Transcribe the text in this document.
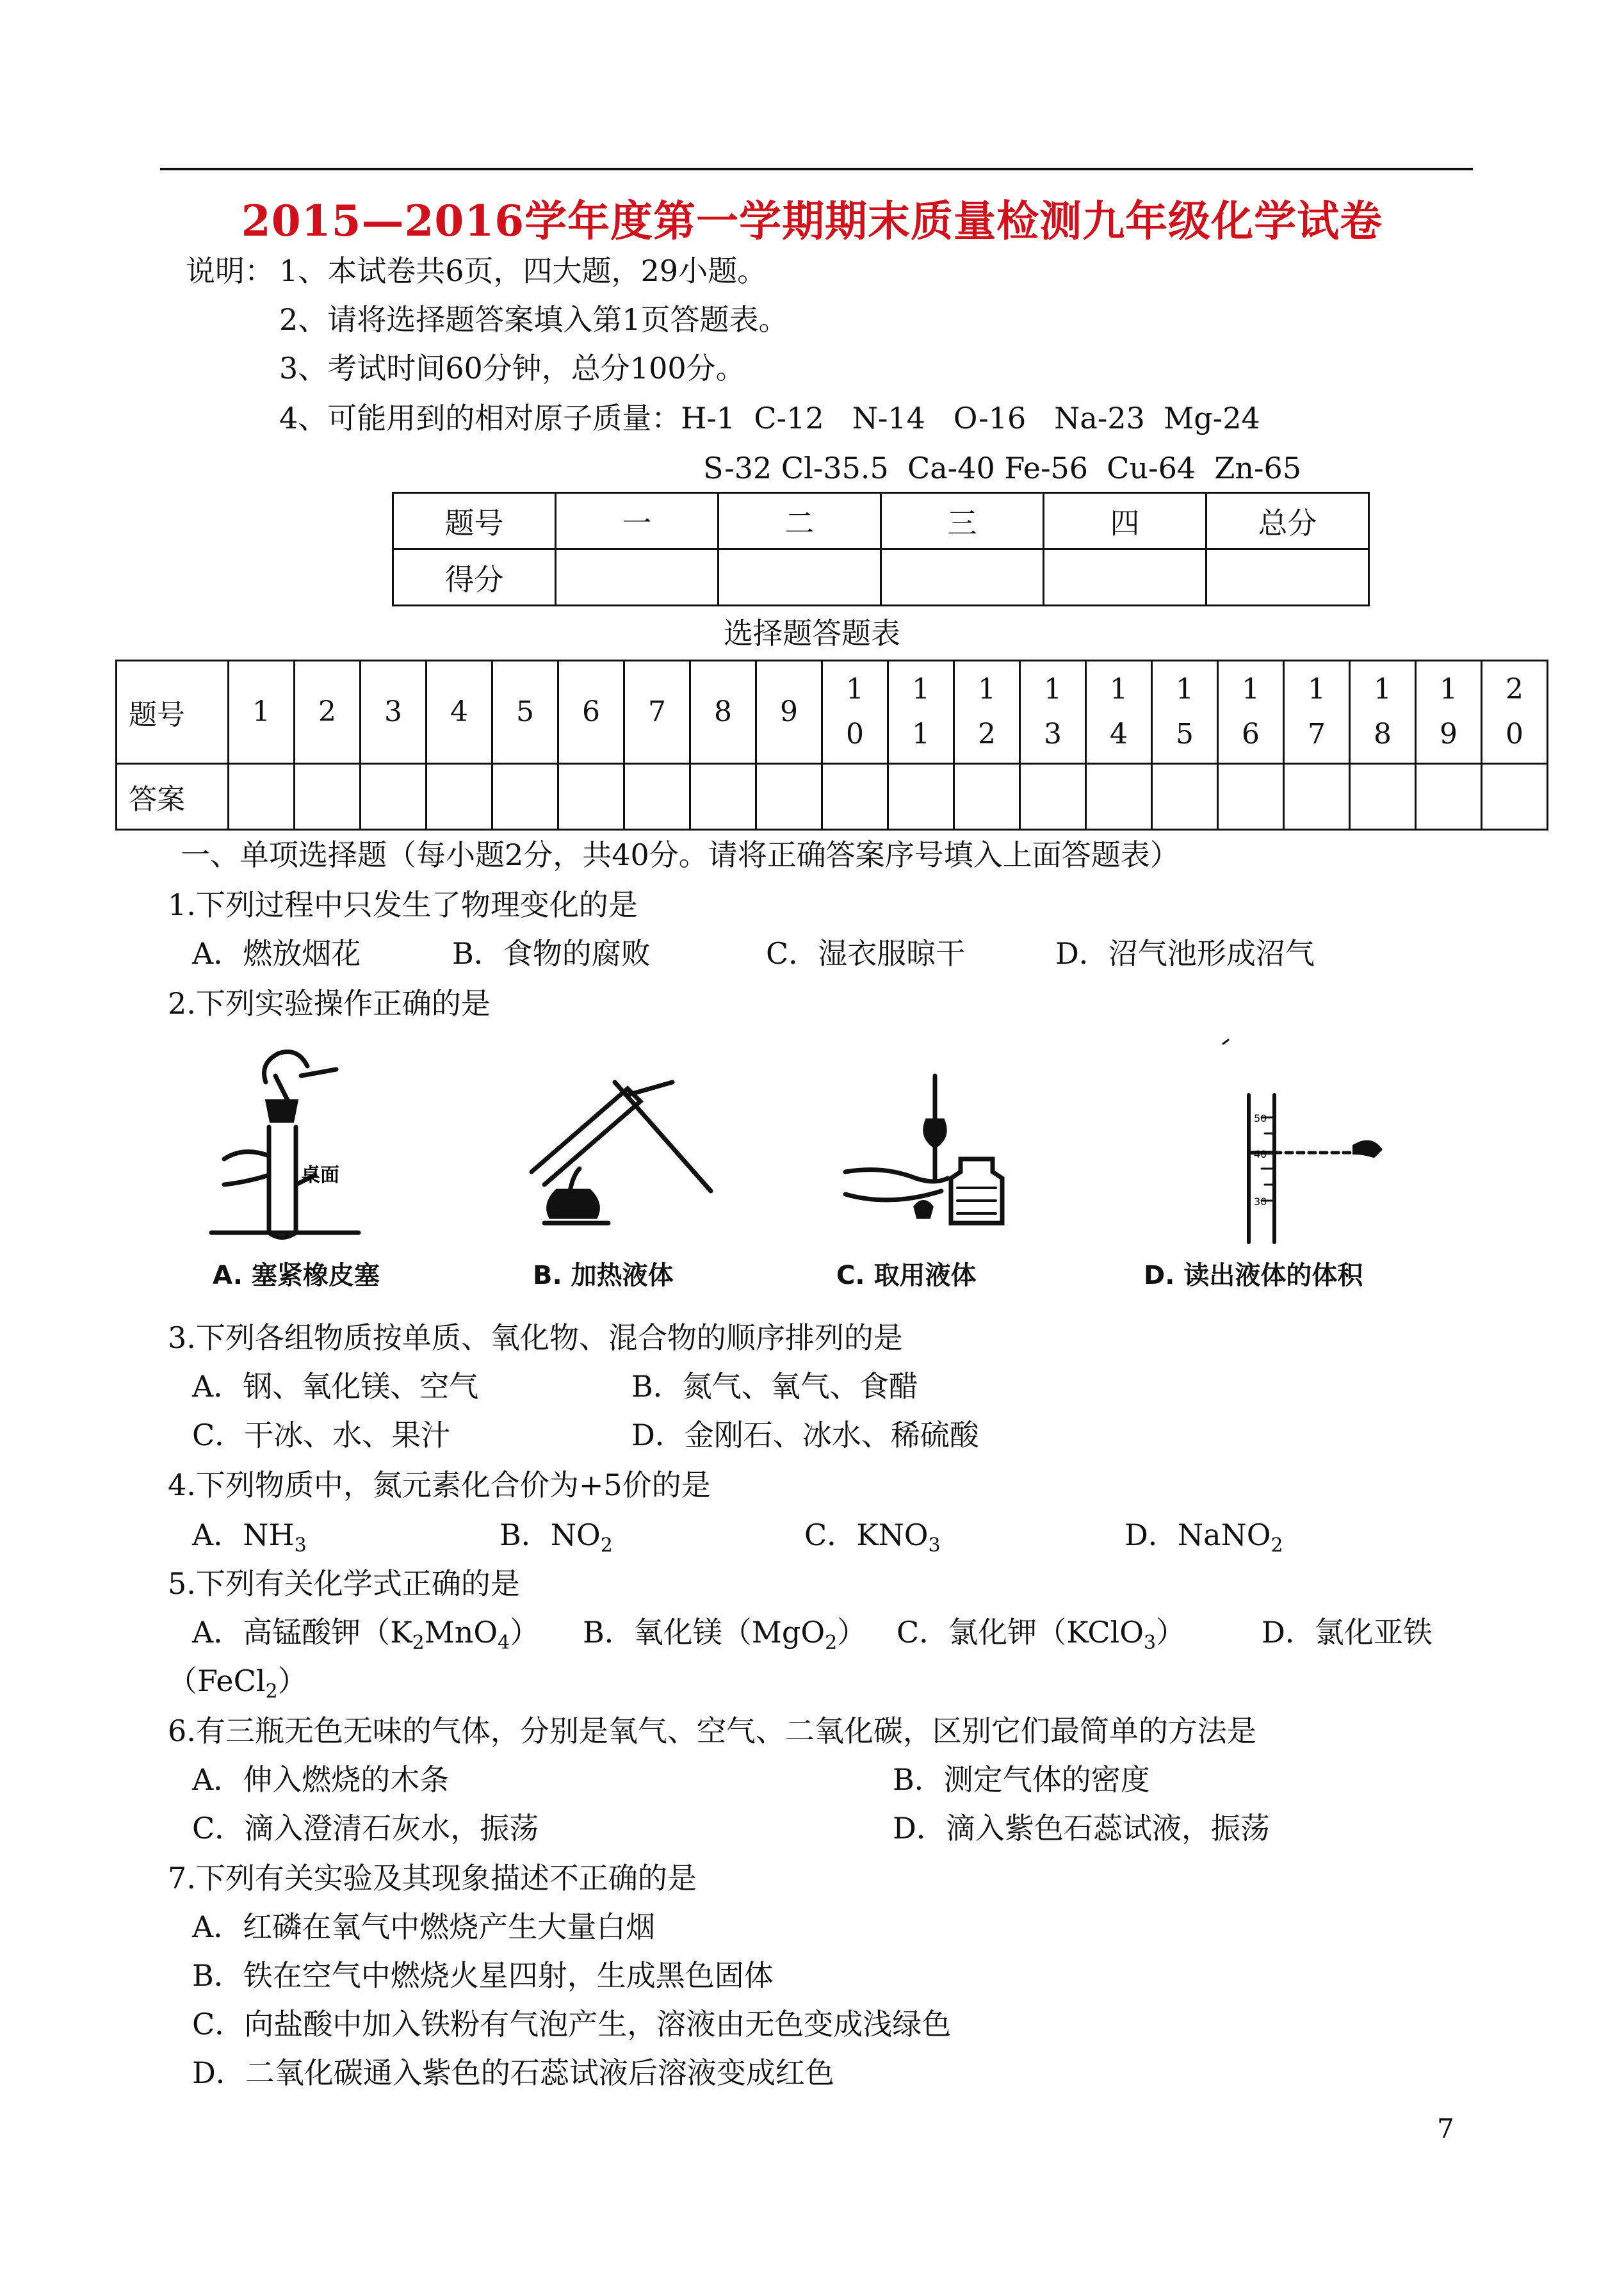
2015—2016学年度第一学期期末质量检测九年级化学试卷
说明： 1、本试卷共6页，四大题，29小题。
2、请将选择题答案填入第1页答题表。
3、考试时间60分钟，总分100分。
4、可能用到的相对原子质量：H-1  C-12   N-14   O-16   Na-23  Mg-24
S-32 Cl-35.5  Ca-40 Fe-56  Cu-64  Zn-65
题号	一	二	三	四	总分
得分					
选择题答题表
题号	1	2	3	4	5	6	7	8	9	10	11	12	13	14	15	16	17	18	19	20
答案																				
一、单项选择题（每小题2分，共40分。请将正确答案序号填入上面答题表）
1.下列过程中只发生了物理变化的是
A．燃放烟花	B．食物的腐败	C．湿衣服晾干	D．沼气池形成沼气
2.下列实验操作正确的是
桌面
50
40
30
A. 塞紧橡皮塞	B. 加热液体	C. 取用液体	D. 读出液体的体积
3.下列各组物质按单质、氧化物、混合物的顺序排列的是
A．钢、氧化镁、空气	B．氮气、氧气、食醋
C．干冰、水、果汁	D．金刚石、冰水、稀硫酸
4.下列物质中，氮元素化合价为+5价的是
A．$NH_3$	B．$NO_2$	C．$KNO_3$	D．NaNO$_2$
5.下列有关化学式正确的是
A．高锰酸钾$(K_2MnO_4)$ B．氧化镁（MgO$_2$） C．氯化钾（KClO$_3$）	D．氯化亚铁
（FeCl$_2$）
6.有三瓶无色无味的气体，分别是氧气、空气、二氧化碳，区别它们最简单的方法是
A．伸入燃烧的木条	B．测定气体的密度
C．滴入澄清石灰水，振荡	D．滴入紫色石蕊试液，振荡
7.下列有关实验及其现象描述不正确的是
A．红磷在氧气中燃烧产生大量白烟
B．铁在空气中燃烧火星四射，生成黑色固体
C．向盐酸中加入铁粉有气泡产生，溶液由无色变成浅绿色
D．二氧化碳通入紫色的石蕊试液后溶液变成红色
7
